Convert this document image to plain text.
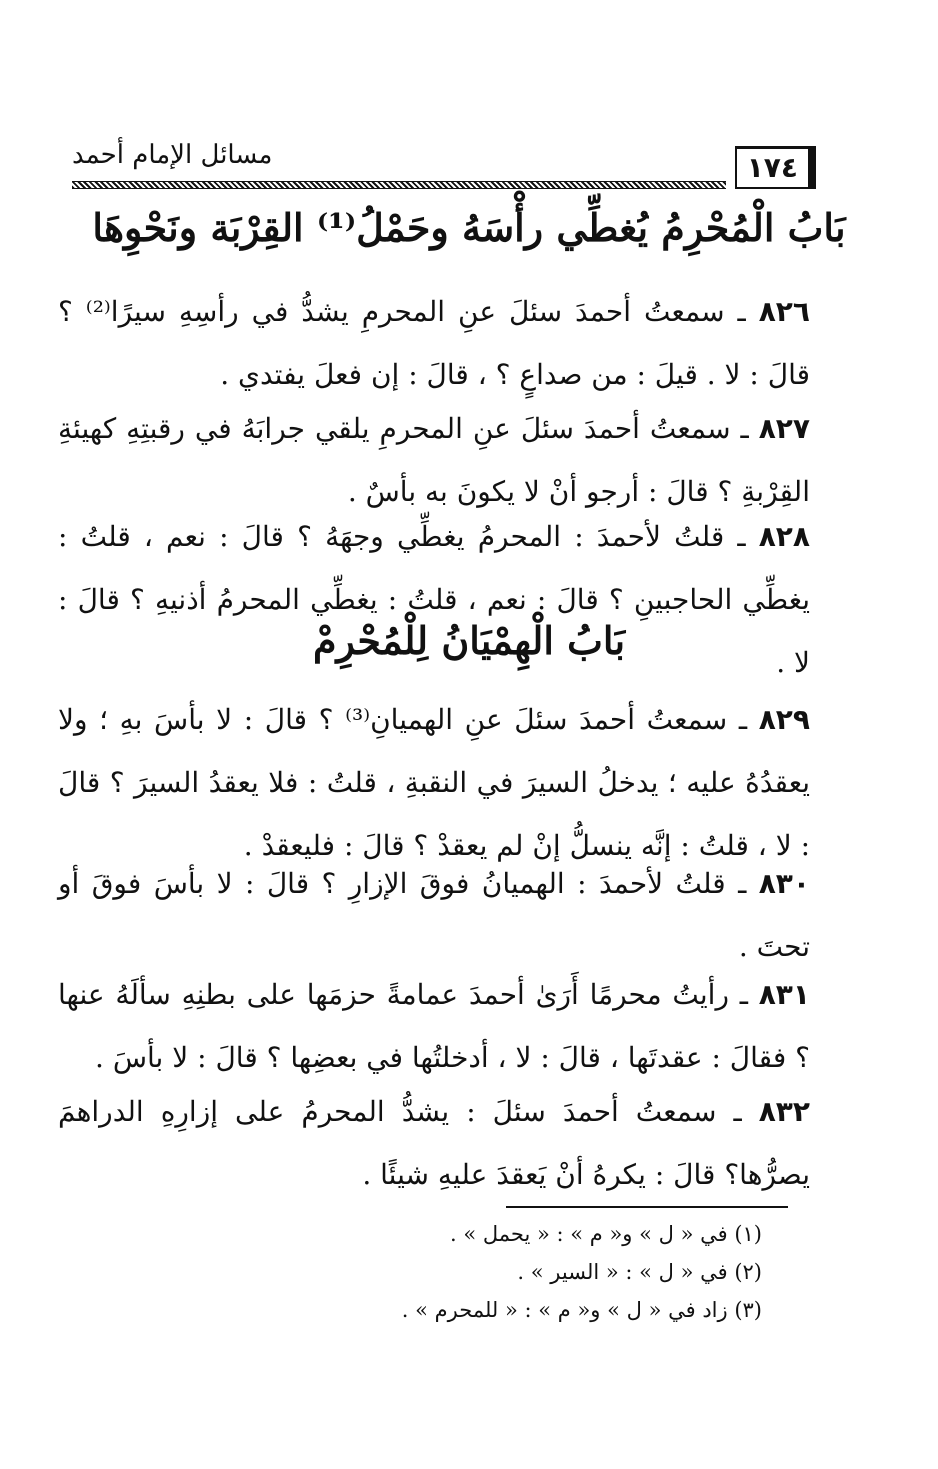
مسائل الإمام أحمد	١٧٤
بَابُ الْمُحْرِمُ يُغطِّي رأْسَهُ وحَمْلُ⁽¹⁾ القِرْبَة ونَحْوِهَا
٨٢٦ ـ سمعتُ أحمدَ سئلَ عنِ المحرمِ يشدُّ في رأسِهِ سيرًا⁽²⁾ ؟ قالَ : لا . قيلَ : من صداعٍ ؟ ، قالَ : إن فعلَ يفتدي .
٨٢٧ ـ سمعتُ أحمدَ سئلَ عنِ المحرمِ يلقي جرابَهُ في رقبتِهِ كهيئةِ القِرْبةِ ؟ قالَ : أرجو أنْ لا يكونَ به بأسٌ .
٨٢٨ ـ قلتُ لأحمدَ : المحرمُ يغطِّي وجهَهُ ؟ قالَ : نعم ، قلتُ : يغطِّي الحاجبينِ ؟ قالَ : نعم ، قلتُ : يغطِّي المحرمُ أذنيهِ ؟ قالَ : لا .
بَابُ الْهِمْيَانُ لِلْمُحْرِمْ
٨٢٩ ـ سمعتُ أحمدَ سئلَ عنِ الهميانِ⁽³⁾ ؟ قالَ : لا بأسَ بهِ ؛ ولا يعقدُهُ عليه ؛ يدخلُ السيرَ في النقبةِ ، قلتُ : فلا يعقدُ السيرَ ؟ قالَ : لا ، قلتُ : إنَّه ينسلُّ إنْ لم يعقدْ ؟ قالَ : فليعقدْ .
٨٣٠ ـ قلتُ لأحمدَ : الهميانُ فوقَ الإزارِ ؟ قالَ : لا بأسَ فوقَ أو تحتَ .
٨٣١ ـ رأيتُ محرمًا أَرَىٰ أحمدَ عمامةً حزمَها على بطنِهِ سألَهُ عنها ؟ فقالَ : عقدتَها ، قالَ : لا ، أدخلتُها في بعضِها ؟ قالَ : لا بأسَ .
٨٣٢ ـ سمعتُ أحمدَ سئلَ : يشدُّ المحرمُ على إزارِهِ الدراهمَ يصرُّها؟ قالَ : يكرهُ أنْ يَعقدَ عليهِ شيئًا .
(١) في « ل » و« م » : « يحمل » .
(٢) في « ل » : « السير » .
(٣) زاد في « ل » و« م » : « للمحرم » .
